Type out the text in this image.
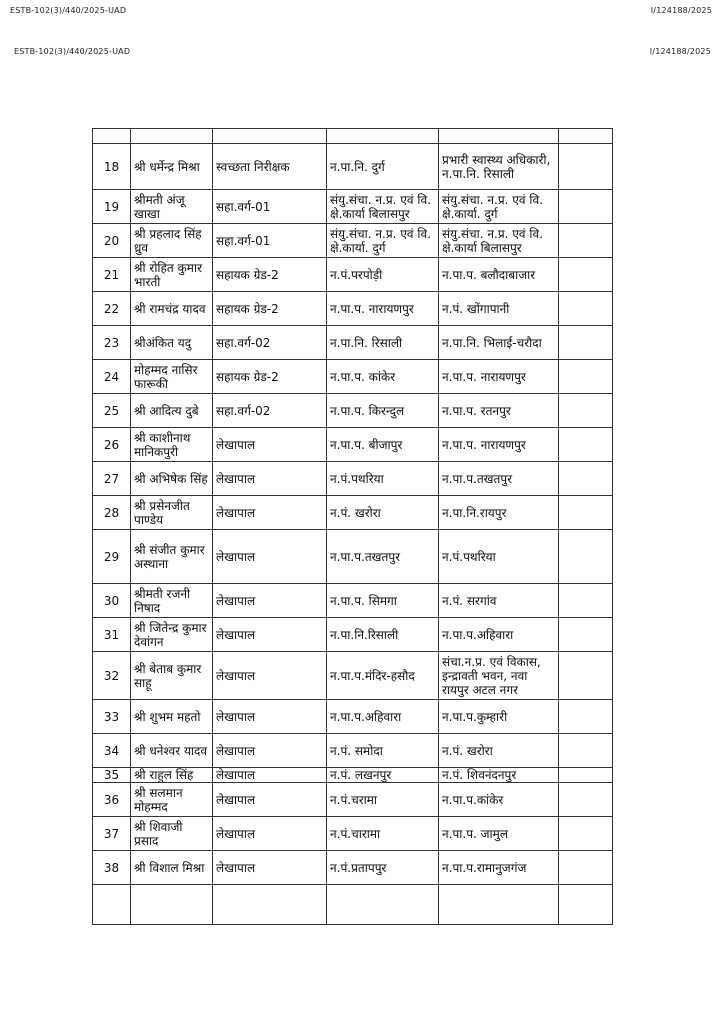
ESTB-102(3)/440/2025-UAD	I/124188/2025
ESTB-102(3)/440/2025-UAD	I/124188/2025

18	श्री धर्मेन्द्र मिश्रा	स्वच्छता निरीक्षक	न.पा.नि. दुर्ग	प्रभारी स्वास्थ्य अधिकारी, न.पा.नि. रिसाली	
19	श्रीमती अंजू खाखा	सहा.वर्ग-01	संयु.संचा. न.प्र. एवं वि. क्षे.कार्या बिलासपुर	संयु.संचा. न.प्र. एवं वि. क्षे.कार्या. दुर्ग	
20	श्री प्रहलाद सिंह ध्रुव	सहा.वर्ग-01	संयु.संचा. न.प्र. एवं वि. क्षे.कार्या. दुर्ग	संयु.संचा. न.प्र. एवं वि. क्षे.कार्या बिलासपुर	
21	श्री रोहित कुमार भारती	सहायक ग्रेड-2	न.पं.परपोड़ी	न.पा.प. बलौदाबाजार	
22	श्री रामचंद्र यादव	सहायक ग्रेड-2	न.पा.प. नारायणपुर	न.पं. खोंगापानी	
23	श्रीअंकित यदु	सहा.वर्ग-02	न.पा.नि. रिसाली	न.पा.नि. भिलाई-चरौदा	
24	मोहम्मद नासिर फारूकी	सहायक ग्रेड-2	न.पा.प. कांकेर	न.पा.प. नारायणपुर	
25	श्री आदित्य दुबे	सहा.वर्ग-02	न.पा.प. किरन्दुल	न.पा.प. रतनपुर	
26	श्री काशीनाथ मानिकपुरी	लेखापाल	न.पा.प. बीजापुर	न.पा.प. नारायणपुर	
27	श्री अभिषेक सिंह	लेखापाल	न.पं.पथरिया	न.पा.प.तखतपुर	
28	श्री प्रसेनजीत पाण्डेय	लेखापाल	न.पं. खरोरा	न.पा.नि.रायपुर	
29	श्री संजीत कुमार अस्थाना	लेखापाल	न.पा.प.तखतपुर	न.पं.पथरिया	
30	श्रीमती रजनी निषाद	लेखापाल	न.पा.प. सिमगा	न.पं. सरगांव	
31	श्री जितेन्द्र कुमार देवांगन	लेखापाल	न.पा.नि.रिसाली	न.पा.प.अहिवारा	
32	श्री बेताब कुमार साहू	लेखापाल	न.पा.प.मंदिर-हसौद	संचा.न.प्र. एवं विकास, इन्द्रावती भवन, नवा रायपुर अटल नगर	
33	श्री शुभम महतो	लेखापाल	न.पा.प.अहिवारा	न.पा.प.कुम्हारी	
34	श्री धनेश्वर यादव	लेखापाल	न.पं. समोदा	न.पं. खरोरा	
35	श्री राहुल सिंह	लेखापाल	न.पं. लखनपुर	न.पं. शिवनंदनपुर	
36	श्री सलमान मोहम्मद	लेखापाल	न.पं.चरामा	न.पा.प.कांकेर	
37	श्री शिवाजी प्रसाद	लेखापाल	न.पं.चारामा	न.पा.प. जामुल	
38	श्री विशाल मिश्रा	लेखापाल	न.पं.प्रतापपुर	न.पा.प.रामानुजगंज	
